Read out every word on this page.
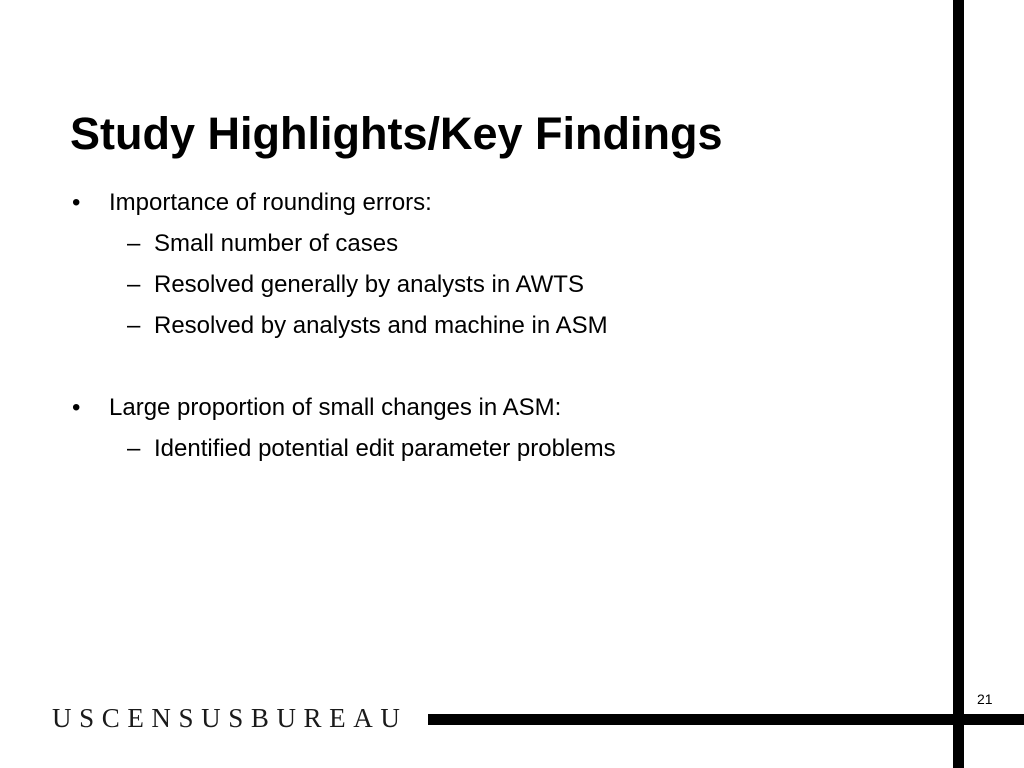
Study Highlights/Key Findings
• Importance of rounding errors:
– Small number of cases
– Resolved generally by analysts in AWTS
– Resolved by analysts and machine in ASM
• Large proportion of small changes in ASM:
– Identified potential edit parameter problems
USCENSUSBUREAU
21
